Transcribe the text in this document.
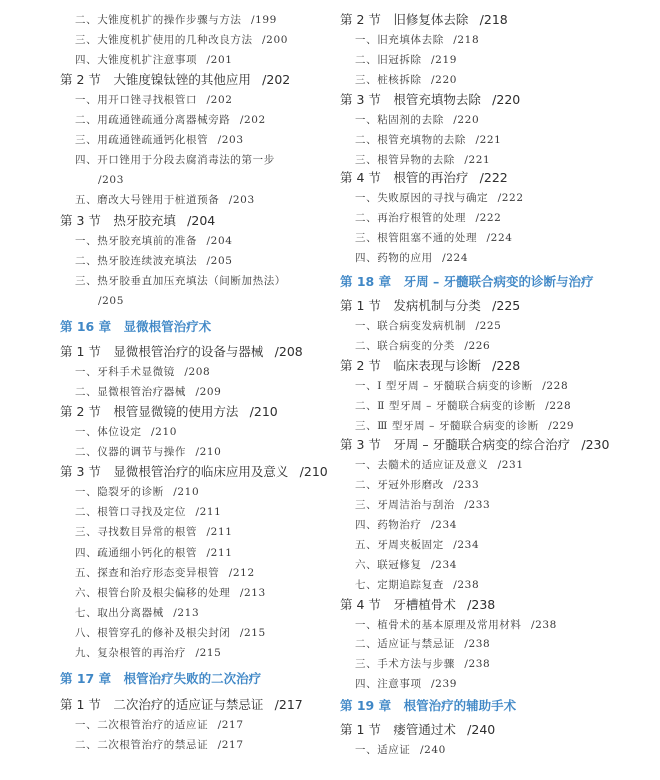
二、大锥度机扩的操作步骤与方法 /199
三、大锥度机扩使用的几种改良方法 /200
四、大锥度机扩注意事项 /201
第 2 节　大锥度镍钛锉的其他应用 /202
一、用开口锉寻找根管口 /202
二、用疏通锉疏通分离器械旁路 /202
三、用疏通锉疏通钙化根管 /203
四、开口锉用于分段去腐消毒法的第一步
/203
五、磨改大号锉用于桩道预备 /203
第 3 节　热牙胶充填 /204
一、热牙胶充填前的准备 /204
二、热牙胶连续波充填法 /205
三、热牙胶垂直加压充填法（间断加热法）
/205
第 16 章　显微根管治疗术
第 1 节　显微根管治疗的设备与器械 /208
一、牙科手术显微镜 /208
二、显微根管治疗器械 /209
第 2 节　根管显微镜的使用方法 /210
一、体位设定 /210
二、仪器的调节与操作 /210
第 3 节　显微根管治疗的临床应用及意义 /210
一、隐裂牙的诊断 /210
二、根管口寻找及定位 /211
三、寻找数目异常的根管 /211
四、疏通细小钙化的根管 /211
五、探查和治疗形态变异根管 /212
六、根管台阶及根尖偏移的处理 /213
七、取出分离器械 /213
八、根管穿孔的修补及根尖封闭 /215
九、复杂根管的再治疗 /215
第 17 章　根管治疗失败的二次治疗
第 1 节　二次治疗的适应证与禁忌证 /217
一、二次根管治疗的适应证 /217
二、二次根管治疗的禁忌证 /217
第 2 节　旧修复体去除 /218
一、旧充填体去除 /218
二、旧冠拆除 /219
三、桩核拆除 /220
第 3 节　根管充填物去除 /220
一、粘固剂的去除 /220
二、根管充填物的去除 /221
三、根管异物的去除 /221
第 4 节　根管的再治疗 /222
一、失败原因的寻找与确定 /222
二、再治疗根管的处理 /222
三、根管阻塞不通的处理 /224
四、药物的应用 /224
第 18 章　牙周 – 牙髓联合病变的诊断与治疗
第 1 节　发病机制与分类 /225
一、联合病变发病机制 /225
二、联合病变的分类 /226
第 2 节　临床表现与诊断 /228
一、Ⅰ 型牙周 – 牙髓联合病变的诊断 /228
二、Ⅱ 型牙周 – 牙髓联合病变的诊断 /228
三、Ⅲ 型牙周 – 牙髓联合病变的诊断 /229
第 3 节　牙周 – 牙髓联合病变的综合治疗 /230
一、去髓术的适应证及意义 /231
二、牙冠外形磨改 /233
三、牙周洁治与刮治 /233
四、药物治疗 /234
五、牙周夹板固定 /234
六、联冠修复 /234
七、定期追踪复查 /238
第 4 节　牙槽植骨术 /238
一、植骨术的基本原理及常用材料 /238
二、适应证与禁忌证 /238
三、手术方法与步骤 /238
四、注意事项 /239
第 19 章　根管治疗的辅助手术
第 1 节　瘘管通过术 /240
一、适应证 /240
